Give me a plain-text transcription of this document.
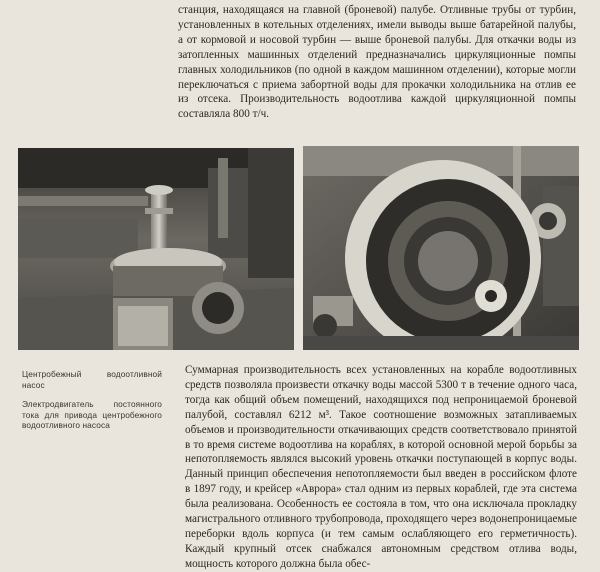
станция, находящаяся на главной (броневой) палубе. Отливные трубы от турбин, установленных в котельных отделениях, имели выводы выше батарейной палубы, а от кормовой и носовой турбин — выше броневой палубы. Для откачки воды из затопленных машинных отделений предназначались циркуляционные помпы главных холодильников (по одной в каждом машинном отделении), которые могли переключаться с приема забортной воды для прокачки холодильника на отлив ее из отсека. Производительность водоотлива каждой циркуляционной помпы составляла 800 т/ч.

Центробежный водоотливной насос

Электродвигатель постоянного тока для привода центробежного водоотливного насоса

Суммарная производительность всех установленных на корабле водоотливных средств позволяла произвести откачку воды массой 5300 т в течение одного часа, тогда как общий объем помещений, находящихся под непроницаемой броневой палубой, составлял 6212 м³. Такое соотношение возможных затапливаемых объемов и производительности откачивающих средств соответствовало принятой в то время системе водоотлива на кораблях, в которой основной мерой борьбы за непотопляемость являлся высокий уровень откачки поступающей в корпус воды. Данный принцип обеспечения непотопляемости был введен в российском флоте в 1897 году, и крейсер «Аврора» стал одним из первых кораблей, где эта система была реализована. Особенность ее состояла в том, что она исключала прокладку магистрального отливного трубопровода, проходящего через водонепроницаемые переборки вдоль корпуса (и тем самым ослабляющего его герметичность). Каждый крупный отсек снабжался автономным средством отлива воды, мощность которого должна была обес-
